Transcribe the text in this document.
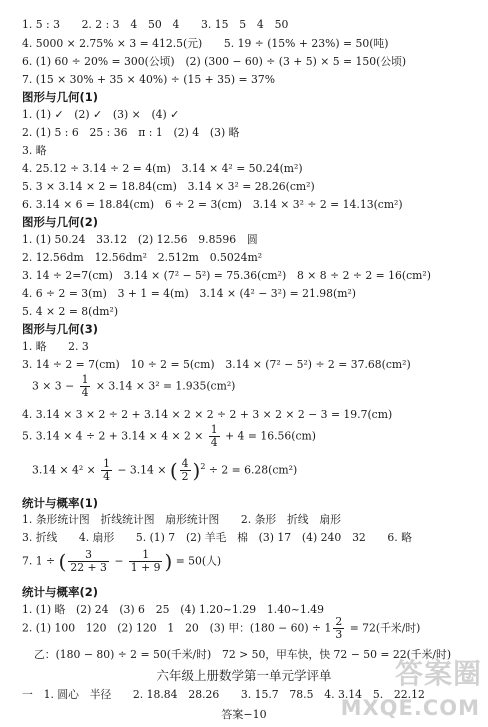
1. 5 : 3　　2. 2 : 3　4　50　4　　3. 15　5　4　50
4. 5000 × 2.75% × 3 = 412.5(元)　　5. 19 ÷ (15% + 23%) = 50(吨)
6. (1) 60 ÷ 20% = 300(公顷)　(2) (300 − 60) ÷ (3 + 5) × 5 = 150(公顷)
7. (15 × 30% + 35 × 40%) ÷ (15 + 35) = 37%
图形与几何(1)
1. (1) ✓　(2) ✓　(3) ×　(4) ✓
2. (1) 5 : 6　25 : 36　π : 1　(2) 4　(3) 略
3. 略
4. 25.12 ÷ 3.14 ÷ 2 = 4(m)　3.14 × 4² = 50.24(m²)
5. 3 × 3.14 × 2 = 18.84(cm)　3.14 × 3² = 28.26(cm²)
6. 3.14 × 6 = 18.84(cm)　6 ÷ 2 = 3(cm)　3.14 × 3² ÷ 2 = 14.13(cm²)
图形与几何(2)
1. (1) 50.24　33.12　(2) 12.56　9.8596　圆
2. 12.56dm　12.56dm²　2.512m　0.5024m²
3. 14 ÷ 2=7(cm)　3.14 × (7² − 5²) = 75.36(cm²)　8 × 8 ÷ 2 ÷ 2 = 16(cm²)
4. 6 ÷ 2 = 3(m)　3 + 1 = 4(m)　3.14 × (4² − 3²) = 21.98(m²)
5. 4 × 2 = 8(dm²)
图形与几何(3)
1. 略　　2. 3
3. 14 ÷ 2 = 7(cm)　10 ÷ 2 = 5(cm)　3.14 × (7² − 5²) ÷ 2 = 37.68(cm²)
$3 \times 3 - \frac{1}{4} \times 3.14 \times 3^2 = 1.935(cm^2)$
4. 3.14 × 3 × 2 ÷ 2 + 3.14 × 2 × 2 ÷ 2 + 3 × 2 × 2 − 3 = 19.7(cm)
5. $3.14 \times 4 \div 2 + 3.14 \times 4 \times 2 \times \frac{1}{4} + 4 = 16.56(cm)$
$3.14 \times 4^2 \times \frac{1}{4} - 3.14$ × ( $\frac{4}{2} )^2 \div 2 = 6.28(cm^2)$
统计与概率(1)
1. 条形统计图　折线统计图　扇形统计图　　2. 条形　折线　扇形
3. 折线　　4. 扇形　　5. (1) 7　(2) 羊毛　棉　(3) 17　(4) 240　32　　6. 略
7. 1 ÷ ( $\frac{3}{22 + 3} - \frac{1}{1 + 9}$ ) = 50(人)
统计与概率(2)
1. (1) 略　(2) 24　(3) 6　25　(4) 1.20~1.29　1.40~1.49
2. (1) 100　120　(2) 120　1　20　(3) 甲：$(180 - 60) \div 1 \frac{2}{3} = 72$(千米/时)
乙：(180 − 80) ÷ 2 = 50(千米/时)　72 > 50，甲车快，快 72 − 50 = 22(千米/时)
六年级上册数学第一单元学评单
一　1. 圆心　半径　　2. 18.84　28.26　　3. 15.7　78.5　4. 3.14　5.　22.12
答案−10
答案圈
MXQE.COM
